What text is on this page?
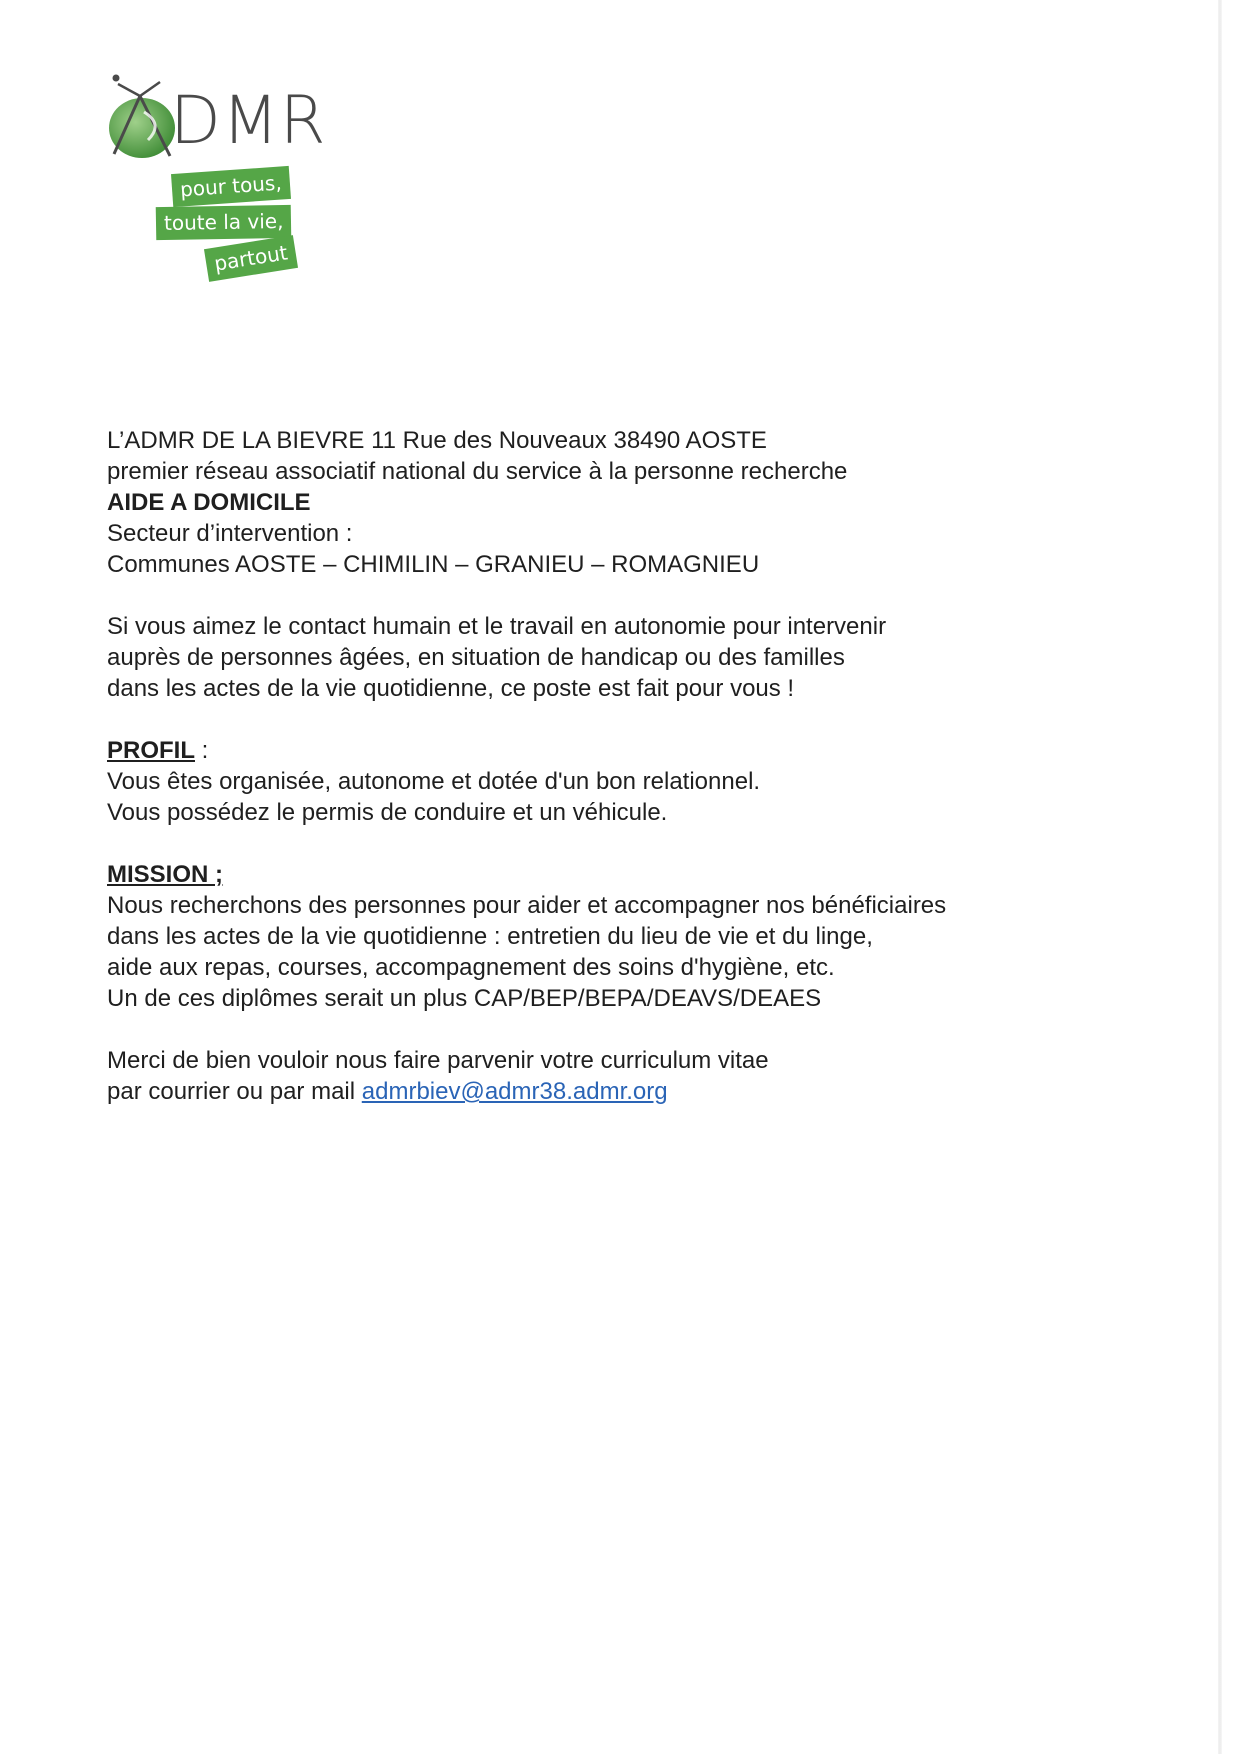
DMR
pour tous,
toute la vie,
partout

L’ADMR DE LA BIEVRE 11 Rue des Nouveaux 38490 AOSTE

premier réseau associatif national du service à la personne recherche

AIDE A DOMICILE

Secteur d’intervention :

Communes AOSTE – CHIMILIN – GRANIEU – ROMAGNIEU

Si vous aimez le contact humain et le travail en autonomie pour intervenir

auprès de personnes âgées, en situation de handicap ou des familles

dans les actes de la vie quotidienne, ce poste est fait pour vous !

PROFIL :

Vous êtes organisée, autonome et dotée d'un bon relationnel.

Vous possédez le permis de conduire et un véhicule.

MISSION ;

Nous recherchons des personnes pour aider et accompagner nos bénéficiaires

dans les actes de la vie quotidienne : entretien du lieu de vie et du linge,

aide aux repas, courses, accompagnement des soins d'hygiène, etc.

Un de ces diplômes serait un plus CAP/BEP/BEPA/DEAVS/DEAES

Merci de bien vouloir nous faire parvenir votre curriculum vitae

par courrier ou par mail admrbiev@admr38.admr.org
